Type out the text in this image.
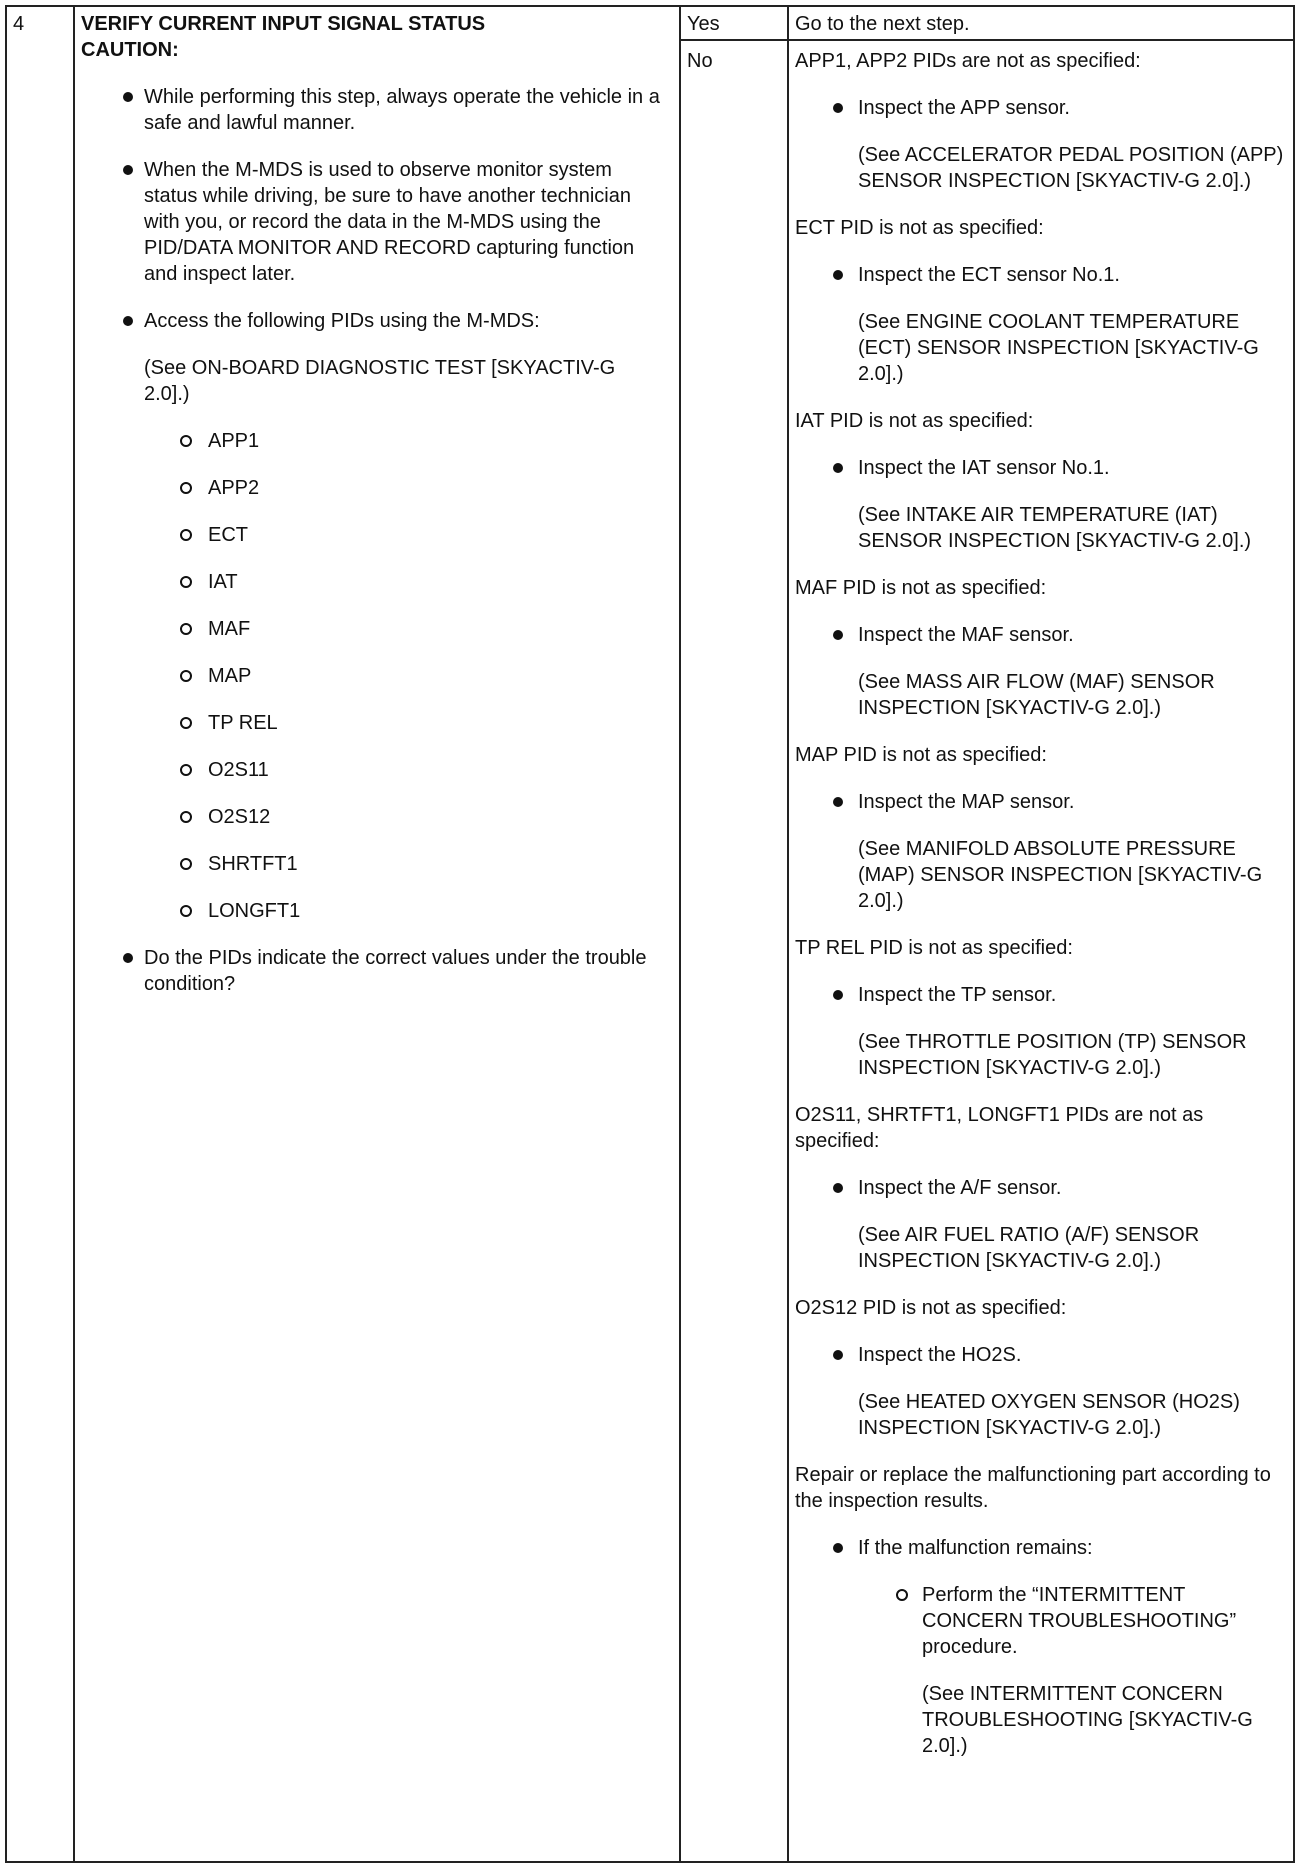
4	VERIFY CURRENT INPUT SIGNAL STATUS
CAUTION:
While performing this step, always operate the vehicle in a safe and lawful manner.
When the M-MDS is used to observe monitor system status while driving, be sure to have another technician with you, or record the data in the M-MDS using the PID/DATA MONITOR AND RECORD capturing function and inspect later.
Access the following PIDs using the M-MDS:

(See ON-BOARD DIAGNOSTIC TEST [SKYACTIV-G 2.0].)

APP1
APP2
ECT
IAT
MAF
MAP
TP REL
O2S11
O2S12
SHRTFT1
LONGFT1
Do the PIDs indicate the correct values under the trouble condition?
Yes	Go to the next step.
No	APP1, APP2 PIDs are not as specified:

Inspect the APP sensor.

(See ACCELERATOR PEDAL POSITION (APP) SENSOR INSPECTION [SKYACTIV-G 2.0].)

ECT PID is not as specified:

Inspect the ECT sensor No.1.

(See ENGINE COOLANT TEMPERATURE (ECT) SENSOR INSPECTION [SKYACTIV-G 2.0].)

IAT PID is not as specified:

Inspect the IAT sensor No.1.

(See INTAKE AIR TEMPERATURE (IAT) SENSOR INSPECTION [SKYACTIV-G 2.0].)

MAF PID is not as specified:

Inspect the MAF sensor.

(See MASS AIR FLOW (MAF) SENSOR INSPECTION [SKYACTIV-G 2.0].)

MAP PID is not as specified:

Inspect the MAP sensor.

(See MANIFOLD ABSOLUTE PRESSURE (MAP) SENSOR INSPECTION [SKYACTIV-G 2.0].)

TP REL PID is not as specified:

Inspect the TP sensor.

(See THROTTLE POSITION (TP) SENSOR INSPECTION [SKYACTIV-G 2.0].)

O2S11, SHRTFT1, LONGFT1 PIDs are not as specified:

Inspect the A/F sensor.

(See AIR FUEL RATIO (A/F) SENSOR INSPECTION [SKYACTIV-G 2.0].)

O2S12 PID is not as specified:

Inspect the HO2S.

(See HEATED OXYGEN SENSOR (HO2S) INSPECTION [SKYACTIV-G 2.0].)

Repair or replace the malfunctioning part according to the inspection results.

If the malfunction remains:
Perform the “INTERMITTENT CONCERN TROUBLESHOOTING” procedure.

(See INTERMITTENT CONCERN TROUBLESHOOTING [SKYACTIV-G 2.0].)
